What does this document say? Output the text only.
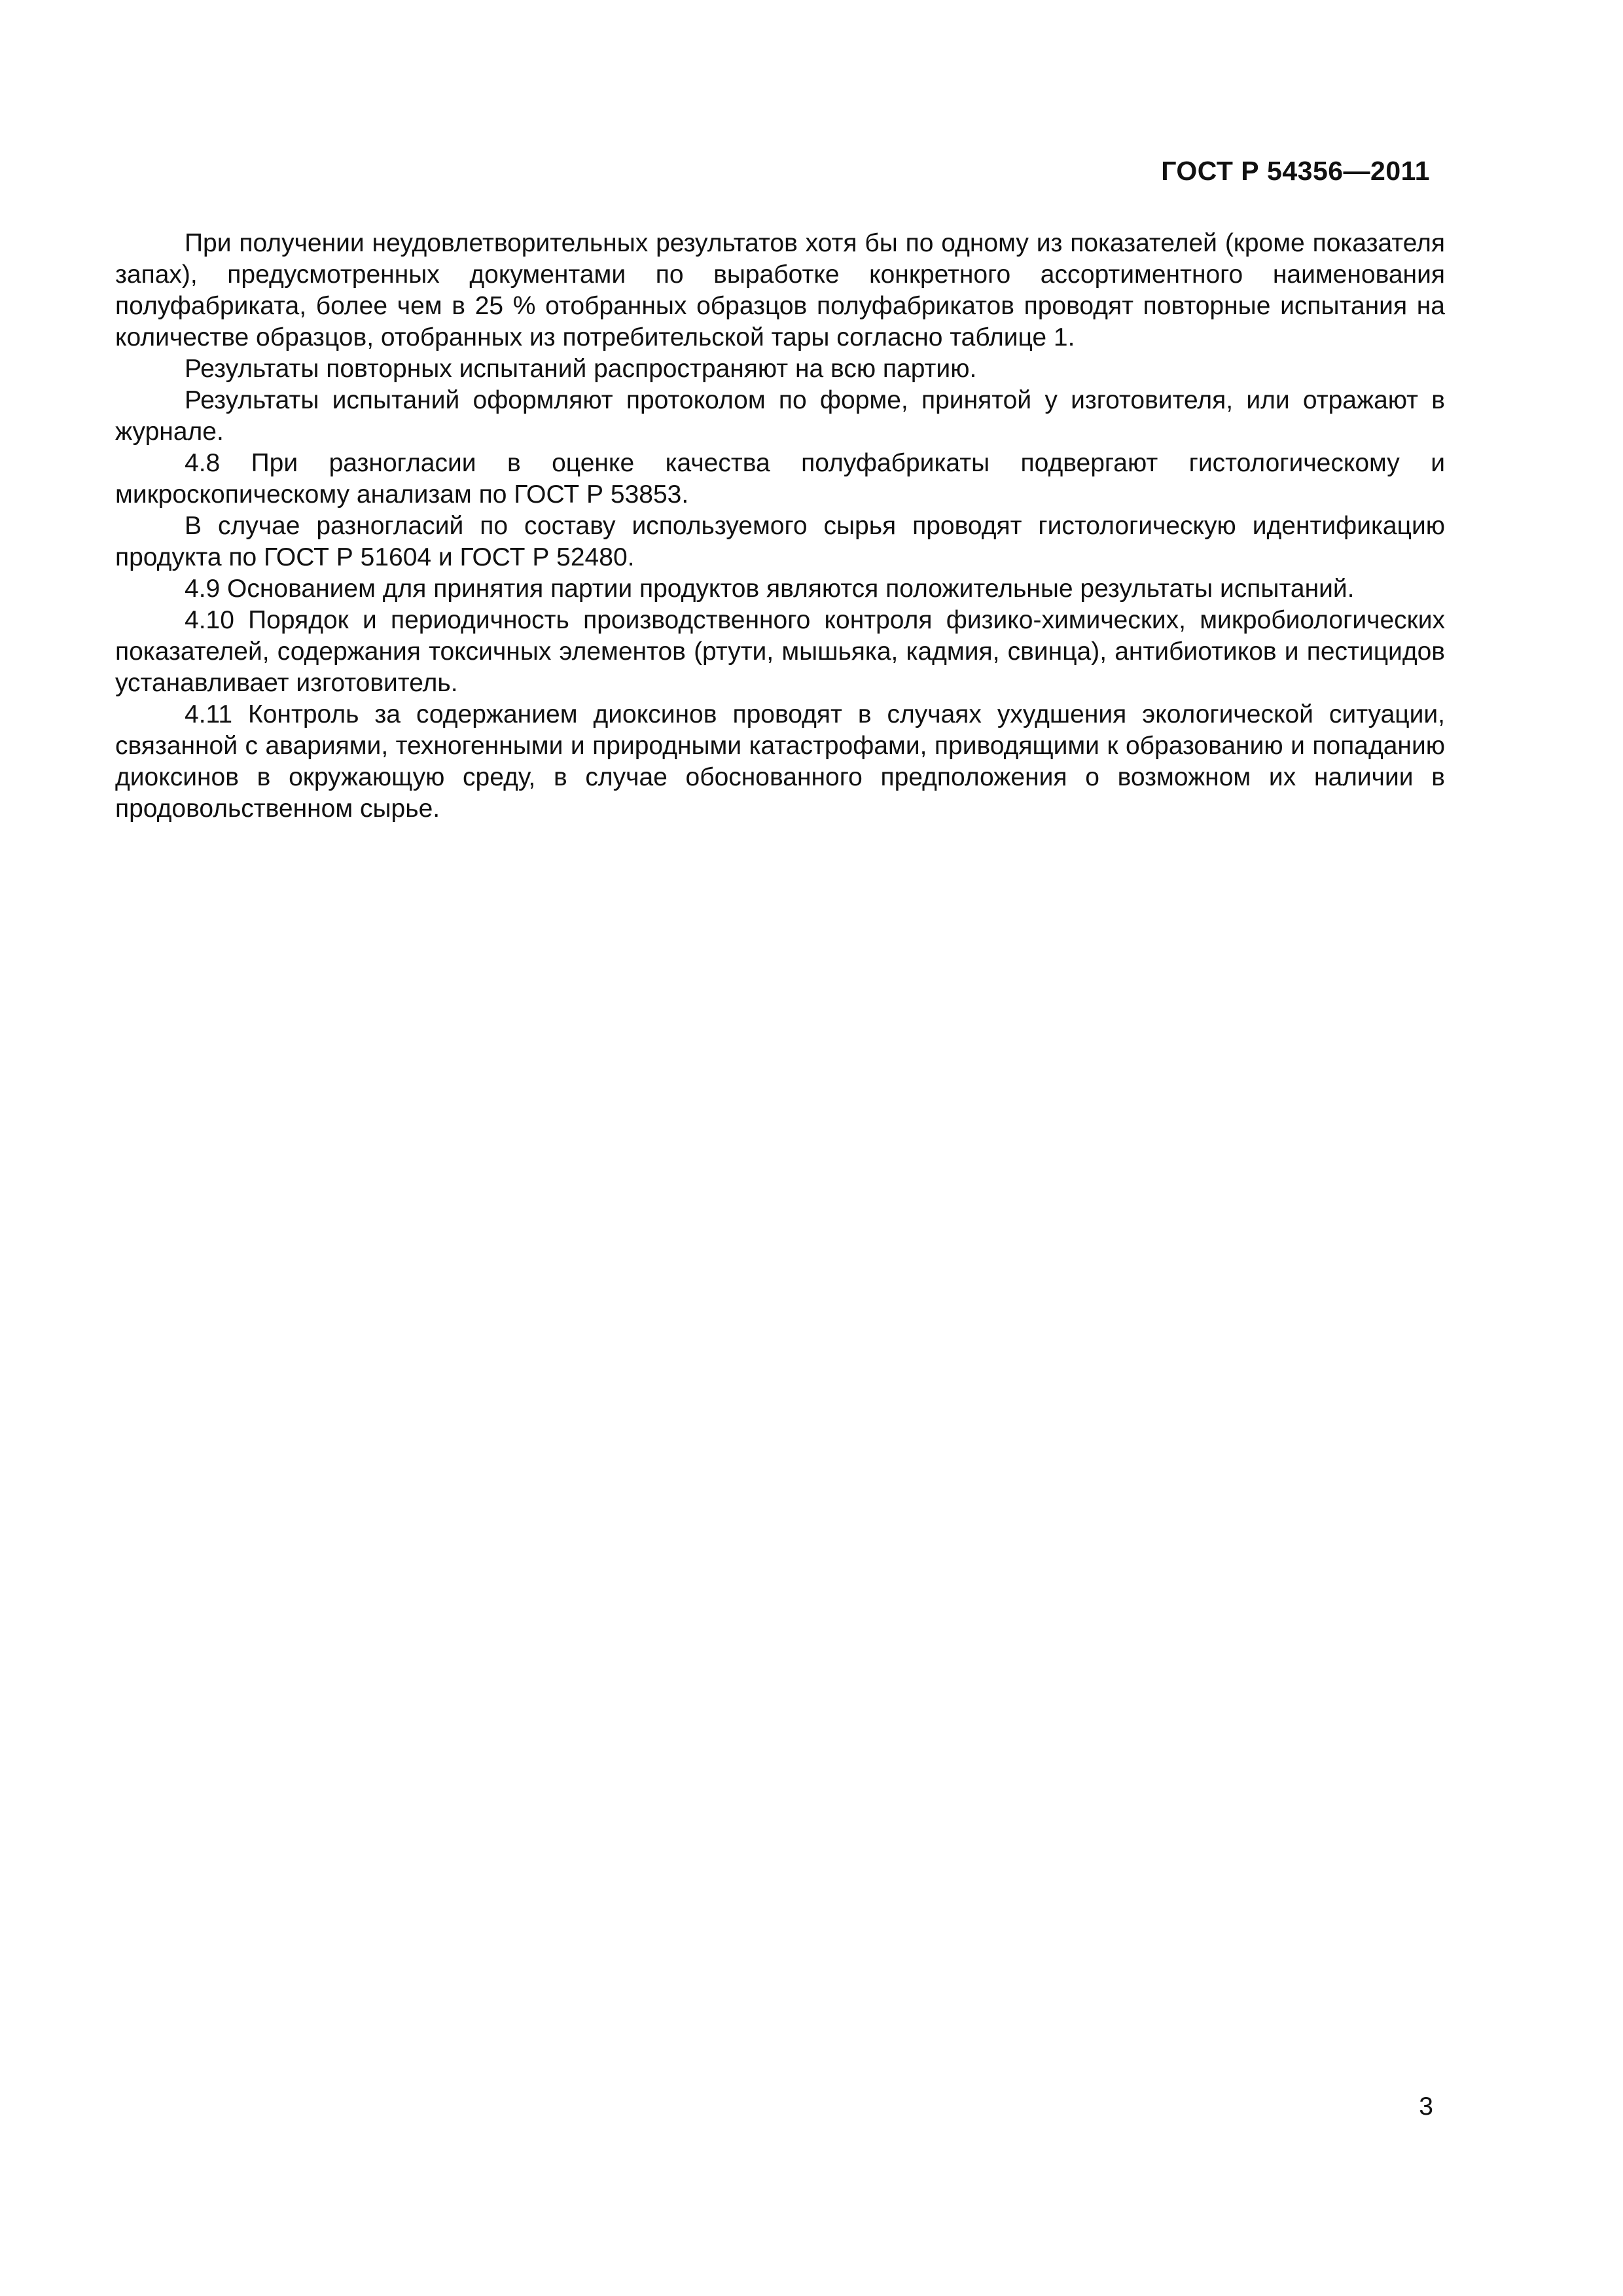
ГОСТ Р 54356—2011

При получении неудовлетворительных результатов хотя бы по одному из показателей (кроме показателя запах), предусмотренных документами по выработке конкретного ассортиментного наименования полуфабриката, более чем в 25 % отобранных образцов полуфабрикатов проводят повторные испытания на количестве образцов, отобранных из потребительской тары согласно таблице 1.

Результаты повторных испытаний распространяют на всю партию.

Результаты испытаний оформляют протоколом по форме, принятой у изготовителя, или отражают в журнале.

4.8 При разногласии в оценке качества полуфабрикаты подвергают гистологическому и микроскопическому анализам по ГОСТ Р 53853.

В случае разногласий по составу используемого сырья проводят гистологическую идентификацию продукта по ГОСТ Р 51604 и ГОСТ Р 52480.

4.9 Основанием для принятия партии продуктов являются положительные результаты испытаний.

4.10 Порядок и периодичность производственного контроля физико-химических, микробиологических показателей, содержания токсичных элементов (ртути, мышьяка, кадмия, свинца), антибиотиков и пестицидов устанавливает изготовитель.

4.11 Контроль за содержанием диоксинов проводят в случаях ухудшения экологической ситуации, связанной с авариями, техногенными и природными катастрофами, приводящими к образованию и попаданию диоксинов в окружающую среду, в случае обоснованного предположения о возможном их наличии в продовольственном сырье.

3
